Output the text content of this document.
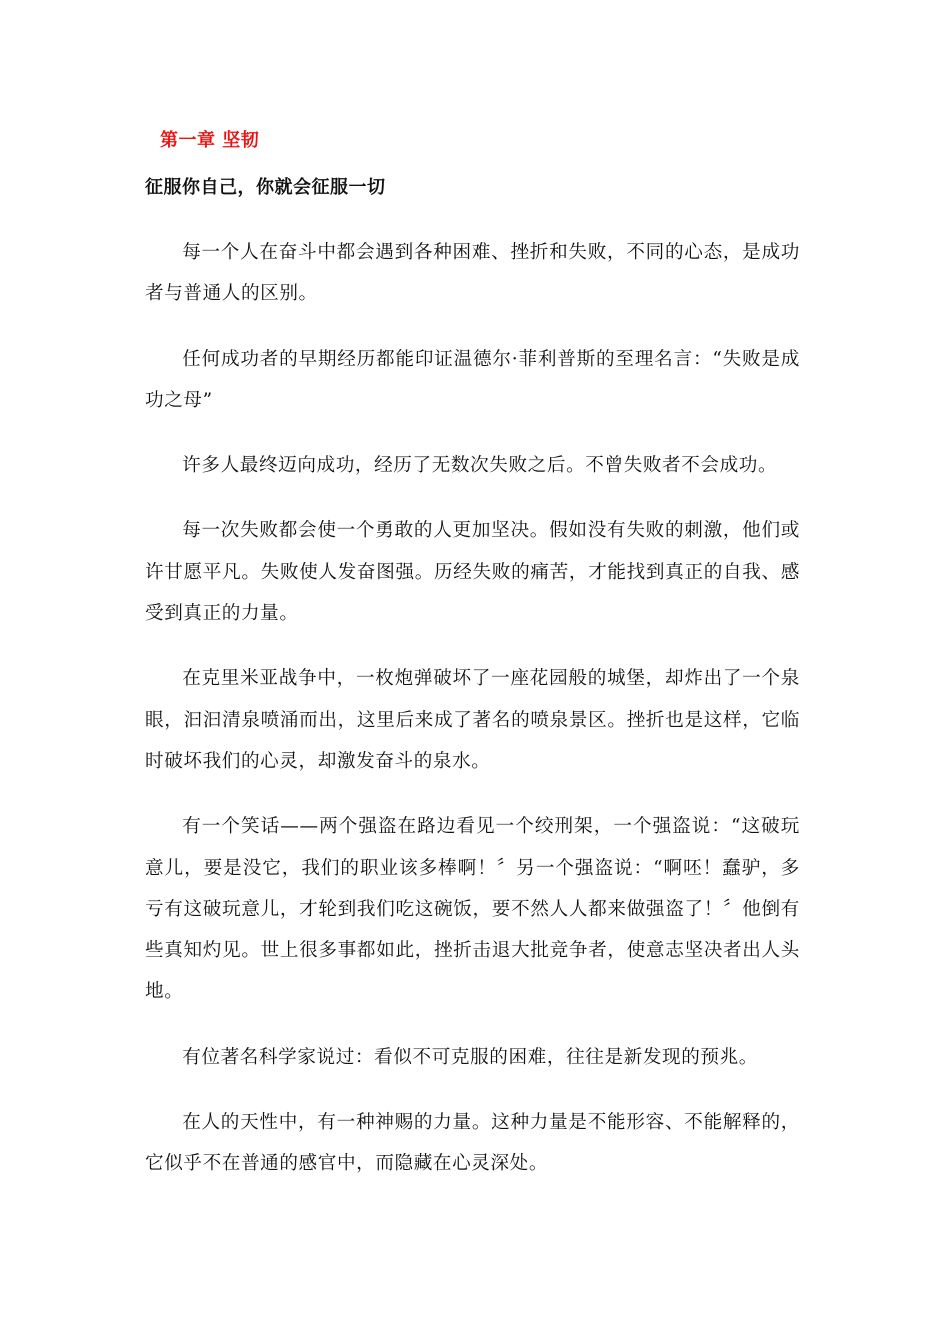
第一章 坚韧
征服你自己，你就会征服一切

每一个人在奋斗中都会遇到各种困难、挫折和失败，不同的心态，是成功者与普通人的区别。

任何成功者的早期经历都能印证温德尔·菲利普斯的至理名言：“失败是成功之母”

许多人最终迈向成功，经历了无数次失败之后。不曾失败者不会成功。

每一次失败都会使一个勇敢的人更加坚决。假如没有失败的刺激，他们或许甘愿平凡。失败使人发奋图强。历经失败的痛苦，才能找到真正的自我、感受到真正的力量。

在克里米亚战争中，一枚炮弹破坏了一座花园般的城堡，却炸出了一个泉眼，汩汩清泉喷涌而出，这里后来成了著名的喷泉景区。挫折也是这样，它临时破坏我们的心灵，却激发奋斗的泉水。

有一个笑话——两个强盗在路边看见一个绞刑架，一个强盗说：“这破玩意儿，要是没它，我们的职业该多棒啊！〞另一个强盗说：“啊呸！蠢驴，多亏有这破玩意儿，才轮到我们吃这碗饭，要不然人人都来做强盗了！〞他倒有些真知灼见。世上很多事都如此，挫折击退大批竞争者，使意志坚决者出人头地。

有位著名科学家说过：看似不可克服的困难，往往是新发现的预兆。

在人的天性中，有一种神赐的力量。这种力量是不能形容、不能解释的，它似乎不在普通的感官中，而隐藏在心灵深处。
